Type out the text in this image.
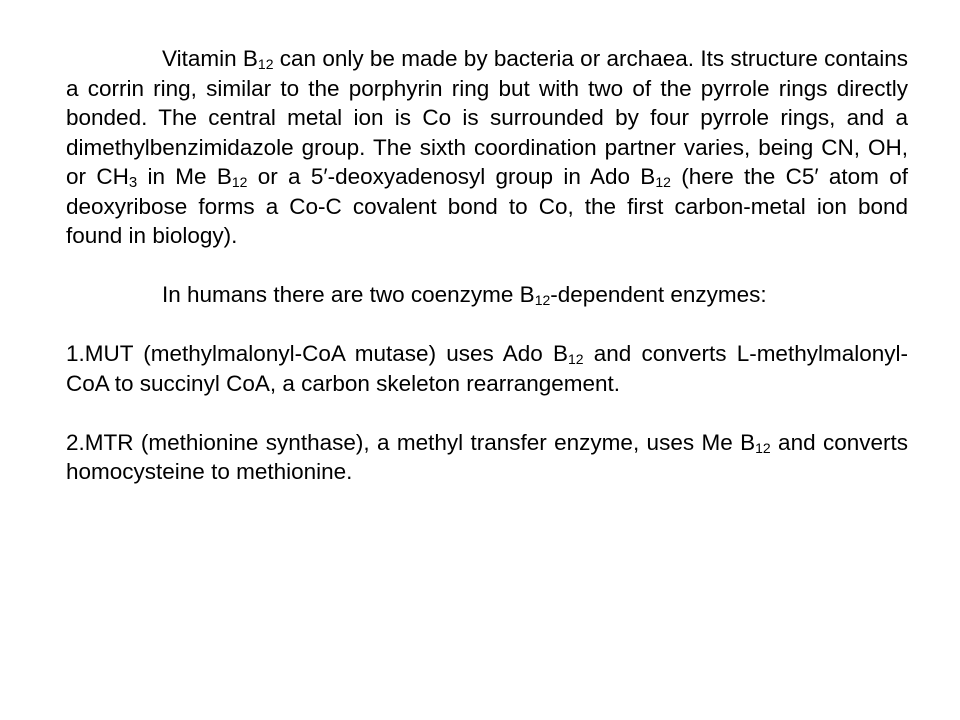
Vitamin $B_{12}$ can only be made by bacteria or archaea. Its structure contains a corrin ring, similar to the porphyrin ring but with two of the pyrrole rings directly bonded. The central metal ion is Co is surrounded by four pyrrole rings, and a dimethylbenzimidazole group. The sixth coordination partner varies, being CN, OH, or $CH_3$ in Me $B_{12}$ or a 5′-deoxyadenosyl group in Ado $B_{12}$ (here the C5′ atom of deoxyribose forms a Co-C covalent bond to Co, the first carbon-metal ion bond found in biology).

In humans there are two coenzyme $B_{12}$-dependent enzymes:

1.MUT (methylmalonyl-CoA mutase) uses Ado $B_{12}$ and converts L-methylmalonyl-CoA to succinyl CoA, a carbon skeleton rearrangement.

2.MTR (methionine synthase), a methyl transfer enzyme, uses Me $B_{12}$ and converts homocysteine to methionine.
